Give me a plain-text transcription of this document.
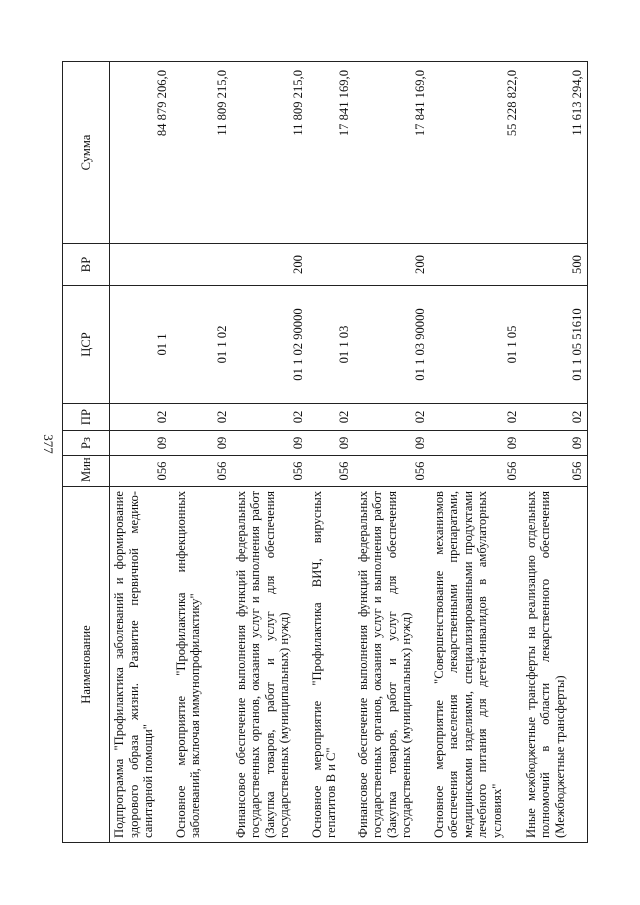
377
Наименование	Мин	Рз	ПР	ЦСР	ВР	Сумма
Подпрограмма "Профилактика заболеваний и формирование здорового образа жизни. Развитие первичной медико-санитарной помощи"	056	09	02	01 1		84 879 206,0
Основное мероприятие "Профилактика инфекционных заболеваний, включая иммунопрофилактику"	056	09	02	01 1 02		11 809 215,0
Финансовое обеспечение выполнения функций федеральных государственных органов, оказания услуг и выполнения работ (Закупка товаров, работ и услуг для обеспечения государственных (муниципальных) нужд)	056	09	02	01 1 02 90000	200	11 809 215,0
Основное мероприятие "Профилактика ВИЧ, вирусных гепатитов В и С"	056	09	02	01 1 03		17 841 169,0
Финансовое обеспечение выполнения функций федеральных государственных органов, оказания услуг и выполнения работ (Закупка товаров, работ и услуг для обеспечения государственных (муниципальных) нужд)	056	09	02	01 1 03 90000	200	17 841 169,0
Основное мероприятие "Совершенствование механизмов обеспечения населения лекарственными препаратами, медицинскими изделиями, специализированными продуктами лечебного питания для детей-инвалидов в амбулаторных условиях"	056	09	02	01 1 05		55 228 822,0
Иные межбюджетные трансферты на реализацию отдельных полномочий в области лекарственного обеспечения (Межбюджетные трансферты)	056	09	02	01 1 05 51610	500	11 613 294,0
